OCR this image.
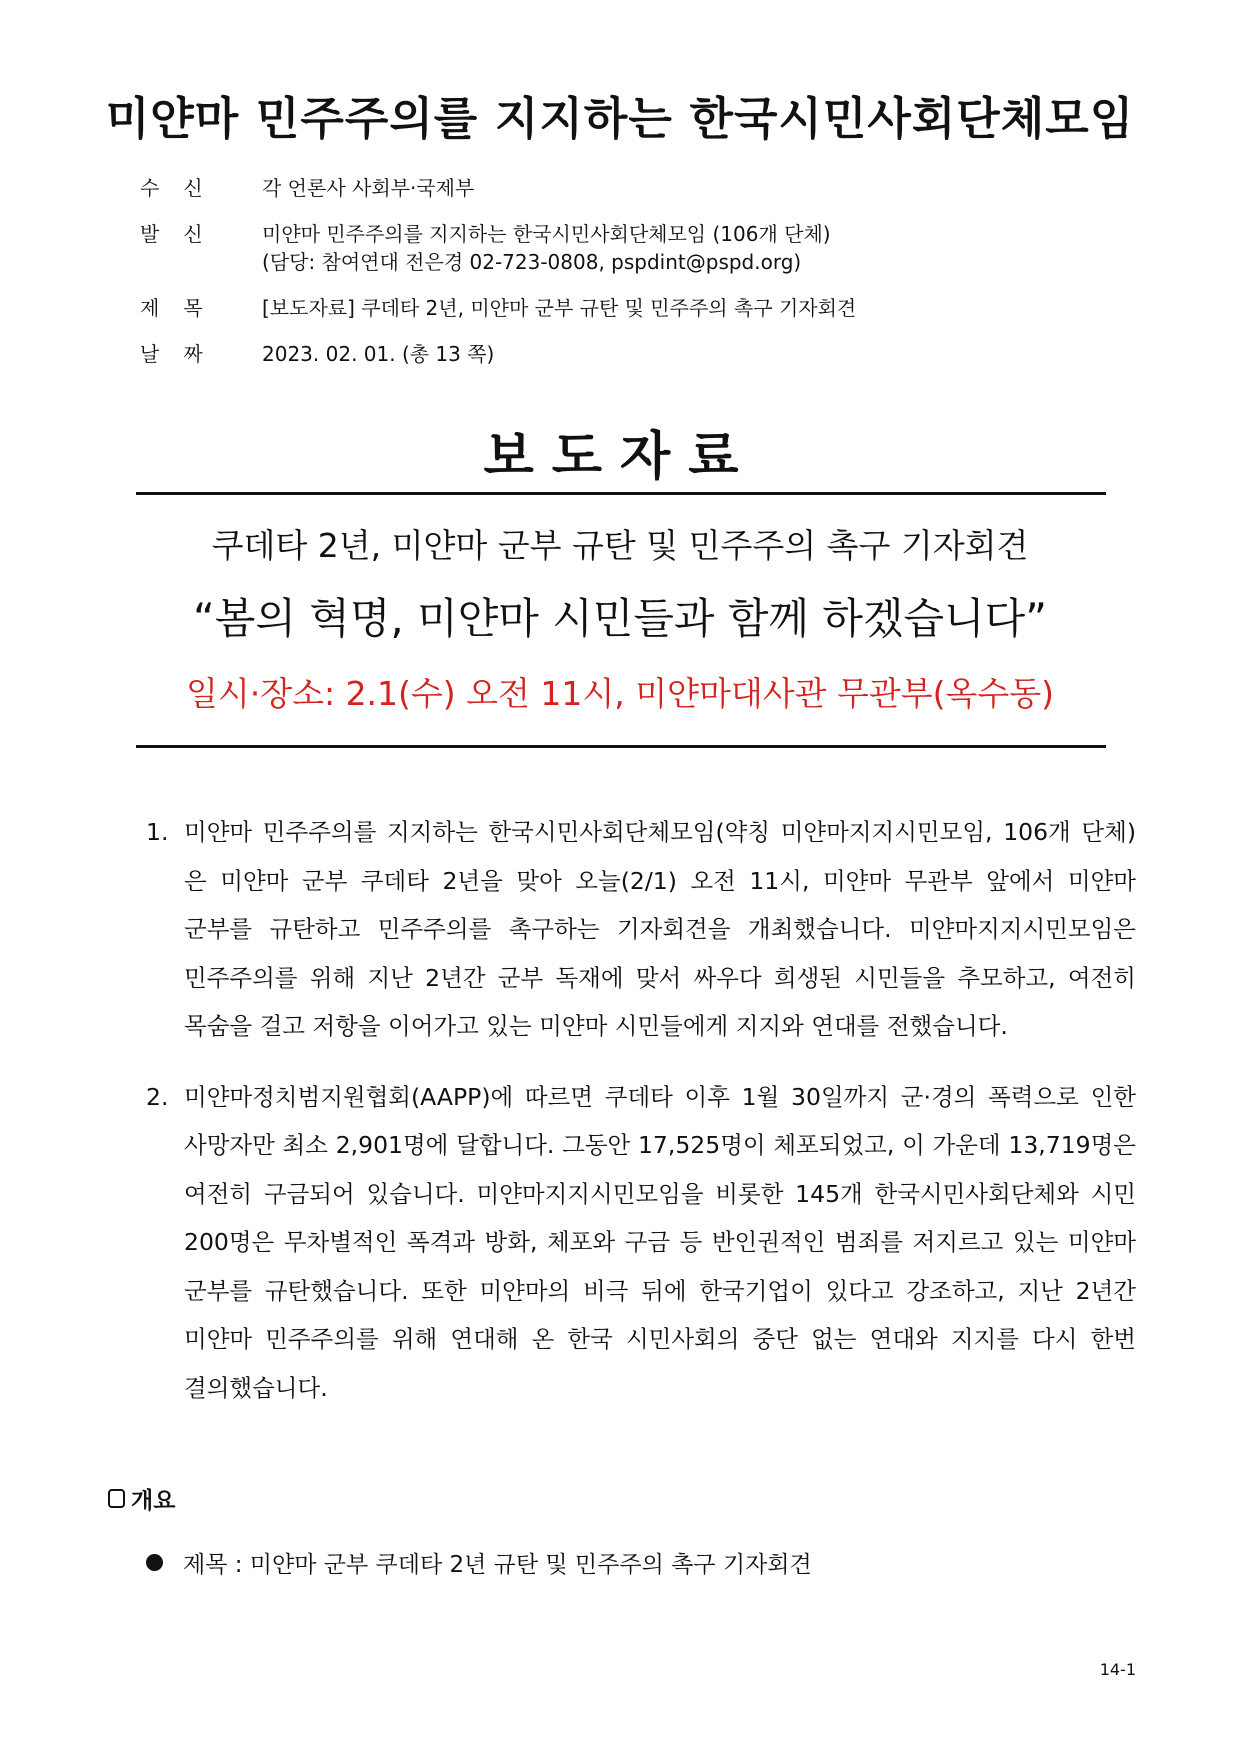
미얀마 민주주의를 지지하는 한국시민사회단체모임
수신	각 언론사 사회부·국제부
발신	미얀마 민주주의를 지지하는 한국시민사회단체모임 (106개 단체)
(담당: 참여연대 전은경 02-723-0808, pspdint@pspd.org)
제목	[보도자료] 쿠데타 2년, 미얀마 군부 규탄 및 민주주의 촉구 기자회견
날짜	2023. 02. 01. (총 13 쪽)
보도자료
쿠데타 2년, 미얀마 군부 규탄 및 민주주의 촉구 기자회견
“봄의 혁명, 미얀마 시민들과 함께 하겠습니다”
일시·장소: 2.1(수) 오전 11시, 미얀마대사관 무관부(옥수동)
1. 미얀마 민주주의를 지지하는 한국시민사회단체모임(약칭 미얀마지지시민모임, 106개 단체)은 미얀마 군부 쿠데타 2년을 맞아 오늘(2/1) 오전 11시, 미얀마 무관부 앞에서 미얀마 군부를 규탄하고 민주주의를 촉구하는 기자회견을 개최했습니다. 미얀마지지시민모임은 민주주의를 위해 지난 2년간 군부 독재에 맞서 싸우다 희생된 시민들을 추모하고, 여전히 목숨을 걸고 저항을 이어가고 있는 미얀마 시민들에게 지지와 연대를 전했습니다.
2. 미얀마정치범지원협회(AAPP)에 따르면 쿠데타 이후 1월 30일까지 군·경의 폭력으로 인한 사망자만 최소 2,901명에 달합니다. 그동안 17,525명이 체포되었고, 이 가운데 13,719명은 여전히 구금되어 있습니다. 미얀마지지시민모임을 비롯한 145개 한국시민사회단체와 시민 200명은 무차별적인 폭격과 방화, 체포와 구금 등 반인권적인 범죄를 저지르고 있는 미얀마 군부를 규탄했습니다. 또한 미얀마의 비극 뒤에 한국기업이 있다고 강조하고, 지난 2년간 미얀마 민주주의를 위해 연대해 온 한국 시민사회의 중단 없는 연대와 지지를 다시 한번 결의했습니다.
개요
제목 : 미얀마 군부 쿠데타 2년 규탄 및 민주주의 촉구 기자회견
14-1
